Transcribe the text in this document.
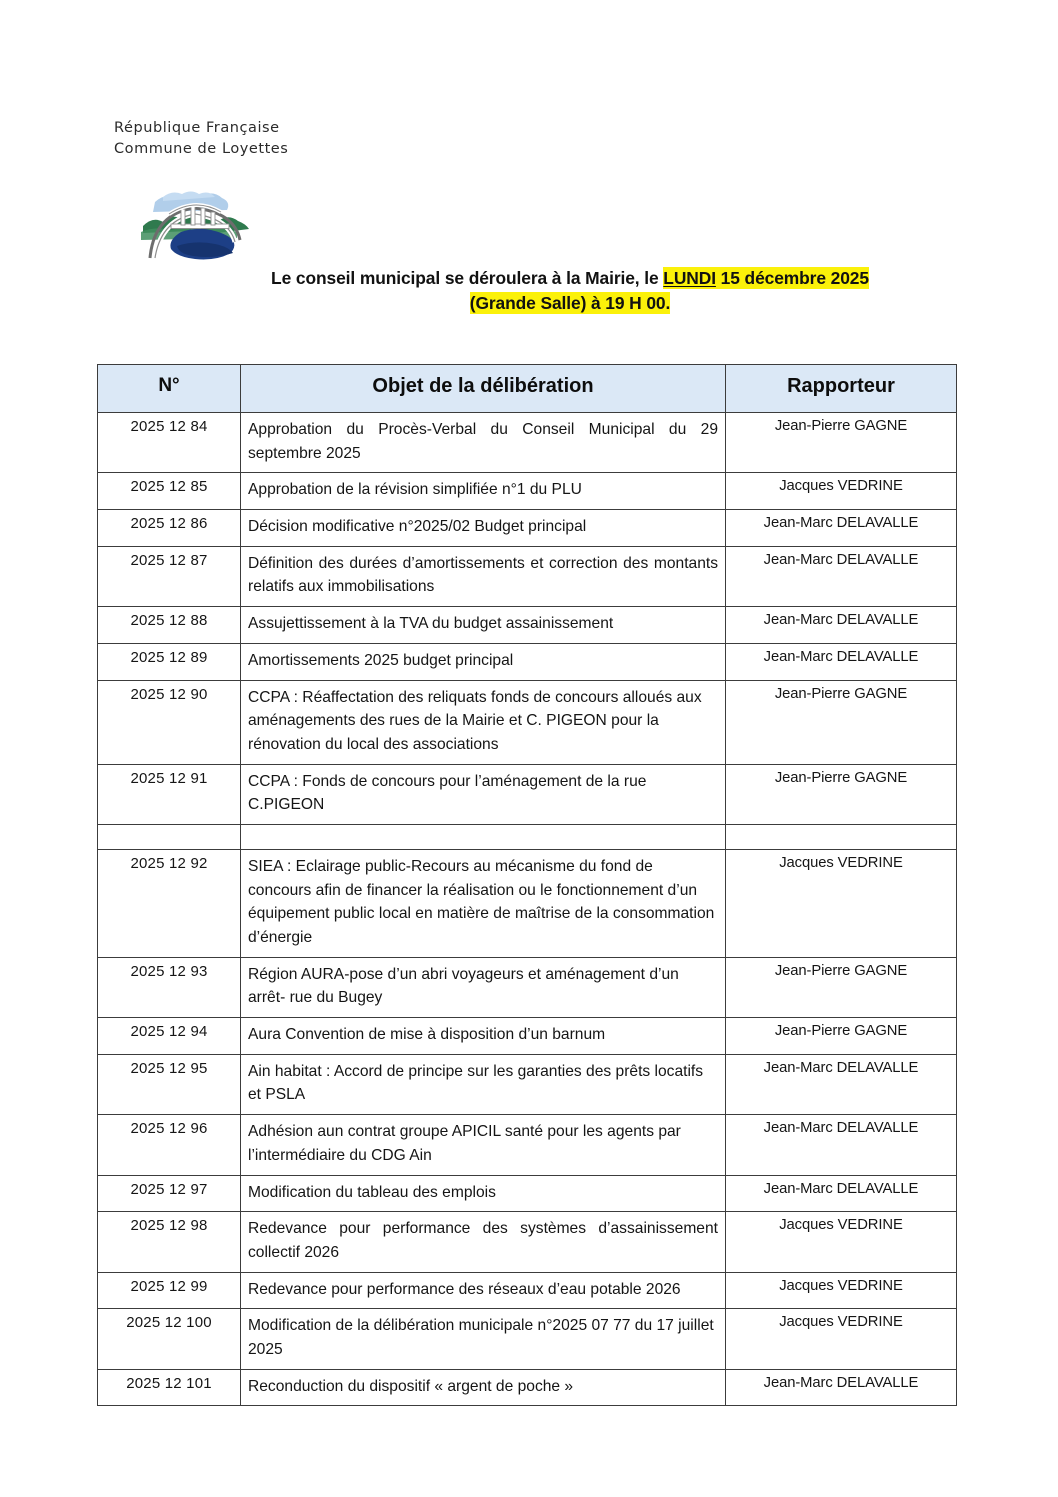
République Française
Commune de Loyettes
Le conseil municipal se déroulera à la Mairie, le LUNDI 15 décembre 2025
(Grande Salle) à 19 H 00.
N°	Objet de la délibération	Rapporteur
2025 12 84	Approbation du Procès-Verbal du Conseil Municipal du 29 septembre 2025	Jean-Pierre GAGNE
2025 12 85	Approbation de la révision simplifiée n°1 du PLU	Jacques VEDRINE
2025 12 86	Décision modificative n°2025/02 Budget principal	Jean-Marc DELAVALLE
2025 12 87	Définition des durées d’amortissements et correction des montants relatifs aux immobilisations	Jean-Marc DELAVALLE
2025 12 88	Assujettissement à la TVA du budget assainissement	Jean-Marc DELAVALLE
2025 12 89	Amortissements 2025 budget principal	Jean-Marc DELAVALLE
2025 12 90	CCPA : Réaffectation des reliquats fonds de concours alloués aux aménagements des rues de la Mairie et C. PIGEON pour la rénovation du local des associations	Jean-Pierre GAGNE
2025 12 91	CCPA : Fonds de concours pour l’aménagement de la rue C.PIGEON	Jean-Pierre GAGNE

2025 12 92	SIEA : Eclairage public-Recours au mécanisme du fond de concours afin de financer la réalisation ou le fonctionnement d’un équipement public local en matière de maîtrise de la consommation d’énergie	Jacques VEDRINE
2025 12 93	Région AURA-pose d’un abri voyageurs et aménagement d’un arrêt- rue du Bugey	Jean-Pierre GAGNE
2025 12 94	Aura Convention de mise à disposition d’un barnum	Jean-Pierre GAGNE
2025 12 95	Ain habitat : Accord de principe sur les garanties des prêts locatifs et PSLA	Jean-Marc DELAVALLE
2025 12 96	Adhésion aun contrat groupe APICIL santé pour les agents par l’intermédiaire du CDG Ain	Jean-Marc DELAVALLE
2025 12 97	Modification du tableau des emplois	Jean-Marc DELAVALLE
2025 12 98	Redevance pour performance des systèmes d’assainissement collectif 2026	Jacques VEDRINE
2025 12 99	Redevance pour performance des réseaux d’eau potable 2026	Jacques VEDRINE
2025 12 100	Modification de la délibération municipale n°2025 07 77 du 17 juillet 2025	Jacques VEDRINE
2025 12 101	Reconduction du dispositif « argent de poche »	Jean-Marc DELAVALLE
